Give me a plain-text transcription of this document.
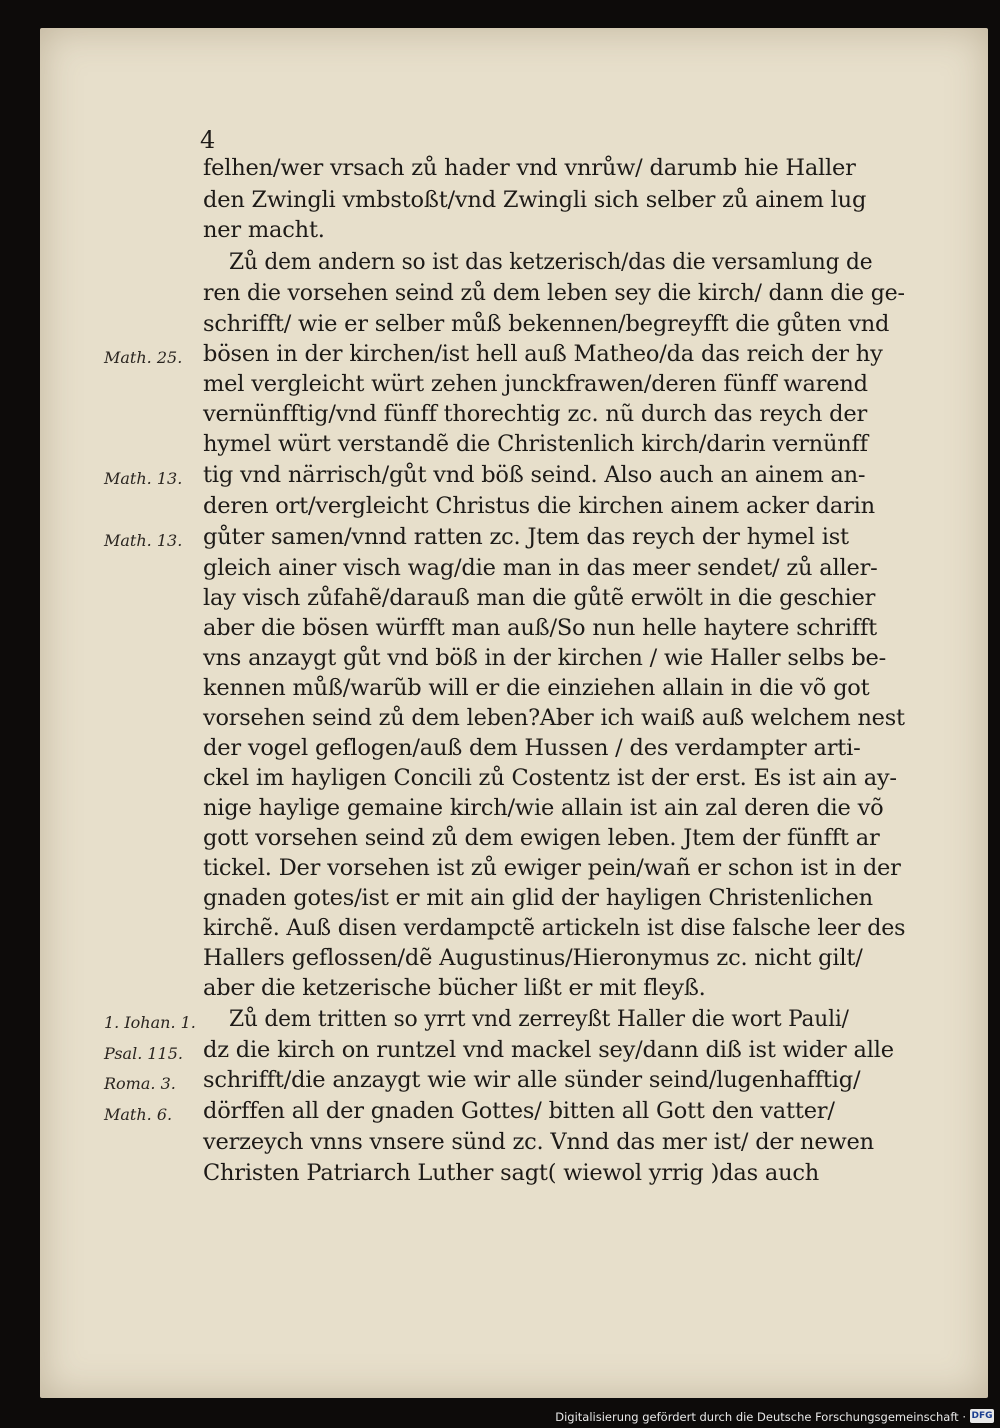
4
felhen/wer vrsach zů hader vnd vnrůw/ darumb hie Haller
den Zwingli vmbstoßt/vnd Zwingli sich selber zů ainem lug
ner macht.
Zů dem andern so ist das ketzerisch/das die versamlung de
ren die vorsehen seind zů dem leben sey die kirch/ dann die ge-
schrifft/ wie er selber můß bekennen/begreyfft die gůten vnd
bösen in der kirchen/ist hell auß Matheo/da das reich der hy
mel vergleicht würt zehen junckfrawen/deren fünff warend
vernünfftig/vnd fünff thorechtig zc. nũ durch das reych der
hymel würt verstandẽ die Christenlich kirch/darin vernünff
tig vnd närrisch/gůt vnd böß seind. Also auch an ainem an-
deren ort/vergleicht Christus die kirchen ainem acker darin
gůter samen/vnnd ratten zc. Jtem das reych der hymel ist
gleich ainer visch wag/die man in das meer sendet/ zů aller-
lay visch zůfahẽ/darauß man die gůtẽ erwölt in die geschier
aber die bösen würfft man auß/So nun helle haytere schrifft
vns anzaygt gůt vnd böß in der kirchen / wie Haller selbs be-
kennen můß/warũb will er die einziehen allain in die võ got
vorsehen seind zů dem leben?Aber ich waiß auß welchem nest
der vogel geflogen/auß dem Hussen / des verdampter arti-
ckel im hayligen Concili zů Costentz ist der erst. Es ist ain ay-
nige haylige gemaine kirch/wie allain ist ain zal deren die võ
gott vorsehen seind zů dem ewigen leben. Jtem der fünfft ar
tickel. Der vorsehen ist zů ewiger pein/wañ er schon ist in der
gnaden gotes/ist er mit ain glid der hayligen Christenlichen
kirchẽ. Auß disen verdampctẽ artickeln ist dise falsche leer des
Hallers geflossen/dẽ Augustinus/Hieronymus zc. nicht gilt/
aber die ketzerische bücher lißt er mit fleyß.
Zů dem tritten so yrrt vnd zerreyßt Haller die wort Pauli/
dz die kirch on runtzel vnd mackel sey/dann diß ist wider alle
schrifft/die anzaygt wie wir alle sünder seind/lugenhafftig/
dörffen all der gnaden Gottes/ bitten all Gott den vatter/
verzeych vnns vnsere sünd zc. Vnnd das mer ist/ der newen
Christen Patriarch Luther sagt( wiewol yrrig )das auch
Math. 25.
Math. 13.
Math. 13.
1. Iohan. 1.
Psal. 115.
Roma. 3.
Math. 6.
Digitalisierung gefördert durch die Deutsche Forschungsgemeinschaft · DFG
